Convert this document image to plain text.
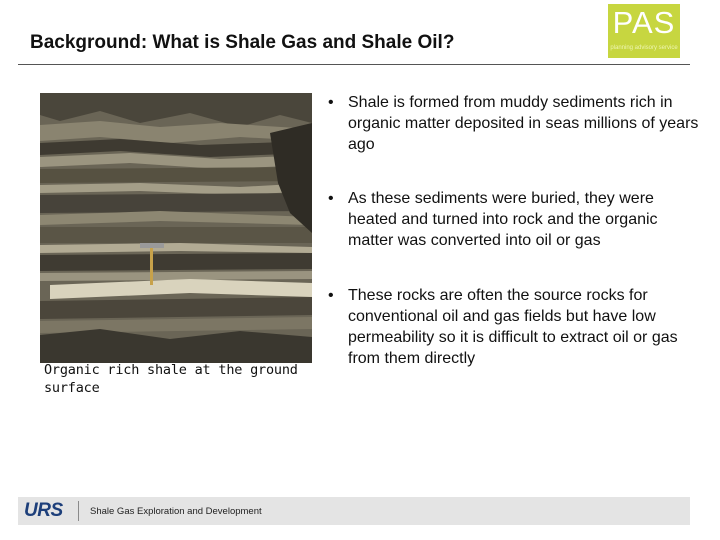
Background: What is Shale Gas and Shale Oil?
PAS
planning advisory service
Organic rich shale at the ground surface
• Shale is formed from muddy sediments rich in organic matter deposited in seas millions of years ago
• As these sediments were buried, they were heated and turned into rock and the organic matter was converted into oil or gas
• These rocks are often the source rocks for conventional oil and gas fields but have low permeability so it is difficult to extract oil or gas from them directly
URS	Shale Gas Exploration and Development
